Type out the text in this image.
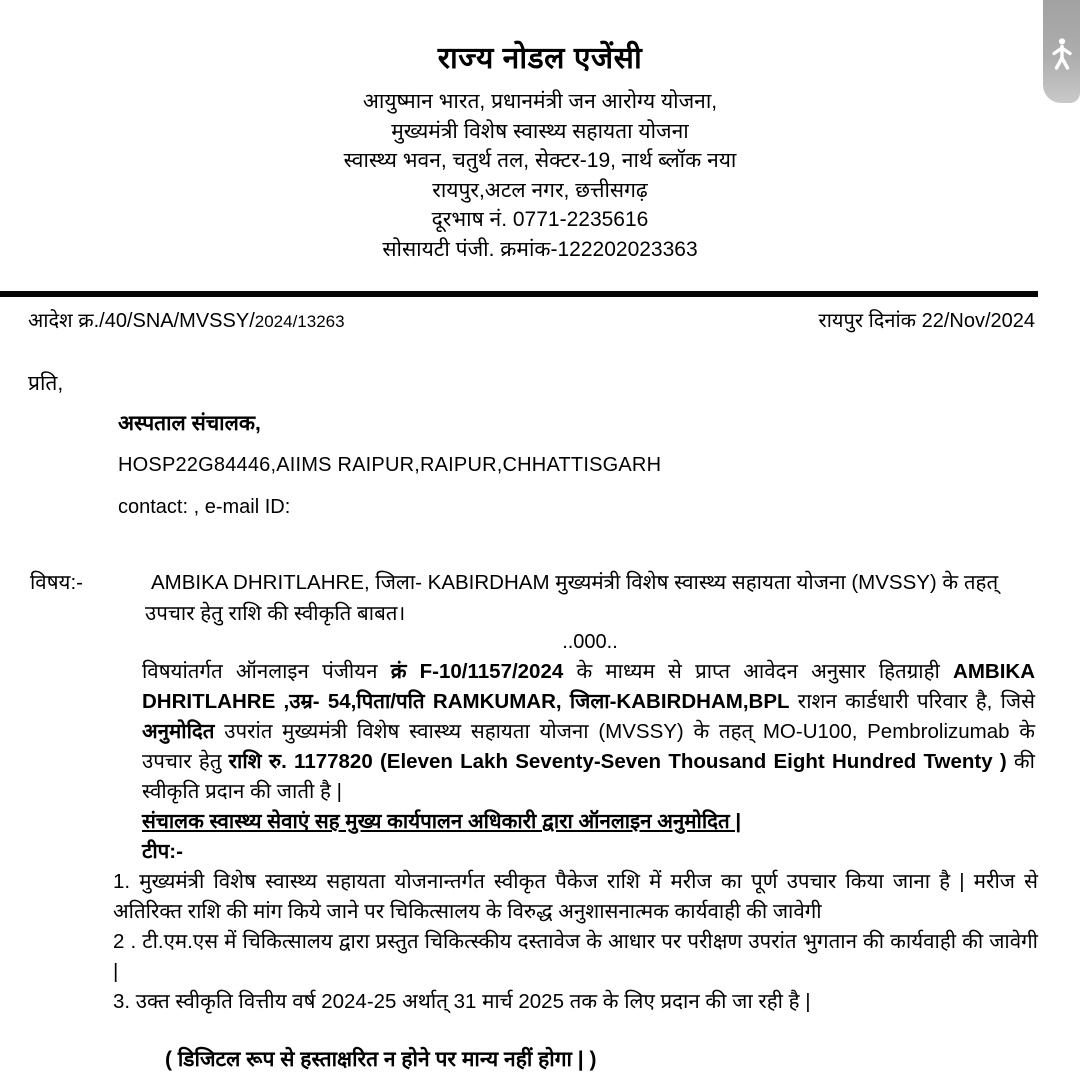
राज्य नोडल एजेंसी
आयुष्मान भारत, प्रधानमंत्री जन आरोग्य योजना,
मुख्यमंत्री विशेष स्वास्थ्य सहायता योजना
स्वास्थ्य भवन, चतुर्थ तल, सेक्टर-19, नार्थ ब्लॉक नया
रायपुर,अटल नगर, छत्तीसगढ़
दूरभाष नं. 0771-2235616
सोसायटी पंजी. क्रमांक-122202023363
आदेश क्र./40/SNA/MVSSY/2024/13263	रायपुर दिनांक 22/Nov/2024
प्रति,
अस्पताल संचालक,
HOSP22G84446,AIIMS RAIPUR,RAIPUR,CHHATTISGARH
contact: , e-mail ID:
विषय:-	AMBIKA DHRITLAHRE, जिला- KABIRDHAM मुख्यमंत्री विशेष स्वास्थ्य सहायता योजना (MVSSY) के तहत्
उपचार हेतु राशि की स्वीकृति बाबत।
..000..
विषयांतर्गत ऑनलाइन पंजीयन क्रं F-10/1157/2024 के माध्यम से प्राप्त आवेदन अनुसार हितग्राही AMBIKA DHRITLAHRE ,उम्र- 54,पिता/पति RAMKUMAR, जिला-KABIRDHAM,BPL राशन कार्डधारी परिवार है, जिसे अनुमोदित उपरांत मुख्यमंत्री विशेष स्वास्थ्य सहायता योजना (MVSSY) के तहत् MO-U100, Pembrolizumab के उपचार हेतु राशि रु. 1177820 (Eleven Lakh Seventy-Seven Thousand Eight Hundred Twenty ) की स्वीकृति प्रदान की जाती है |
संचालक स्वास्थ्य सेवाएं सह मुख्य कार्यपालन अधिकारी द्वारा ऑनलाइन अनुमोदित |
टीप:-
1. मुख्यमंत्री विशेष स्वास्थ्य सहायता योजनान्तर्गत स्वीकृत पैकेज राशि में मरीज का पूर्ण उपचार किया जाना है | मरीज से अतिरिक्त राशि की मांग किये जाने पर चिकित्सालय के विरुद्ध अनुशासनात्मक कार्यवाही की जावेगी
2 . टी.एम.एस में चिकित्सालय द्वारा प्रस्तुत चिकित्स्कीय दस्तावेज के आधार पर परीक्षण उपरांत भुगतान की कार्यवाही की जावेगी |
3. उक्त स्वीकृति वित्तीय वर्ष 2024-25 अर्थात् 31 मार्च 2025 तक के लिए प्रदान की जा रही है |
( डिजिटल रूप से हस्ताक्षरित न होने पर मान्य नहीं होगा | )
